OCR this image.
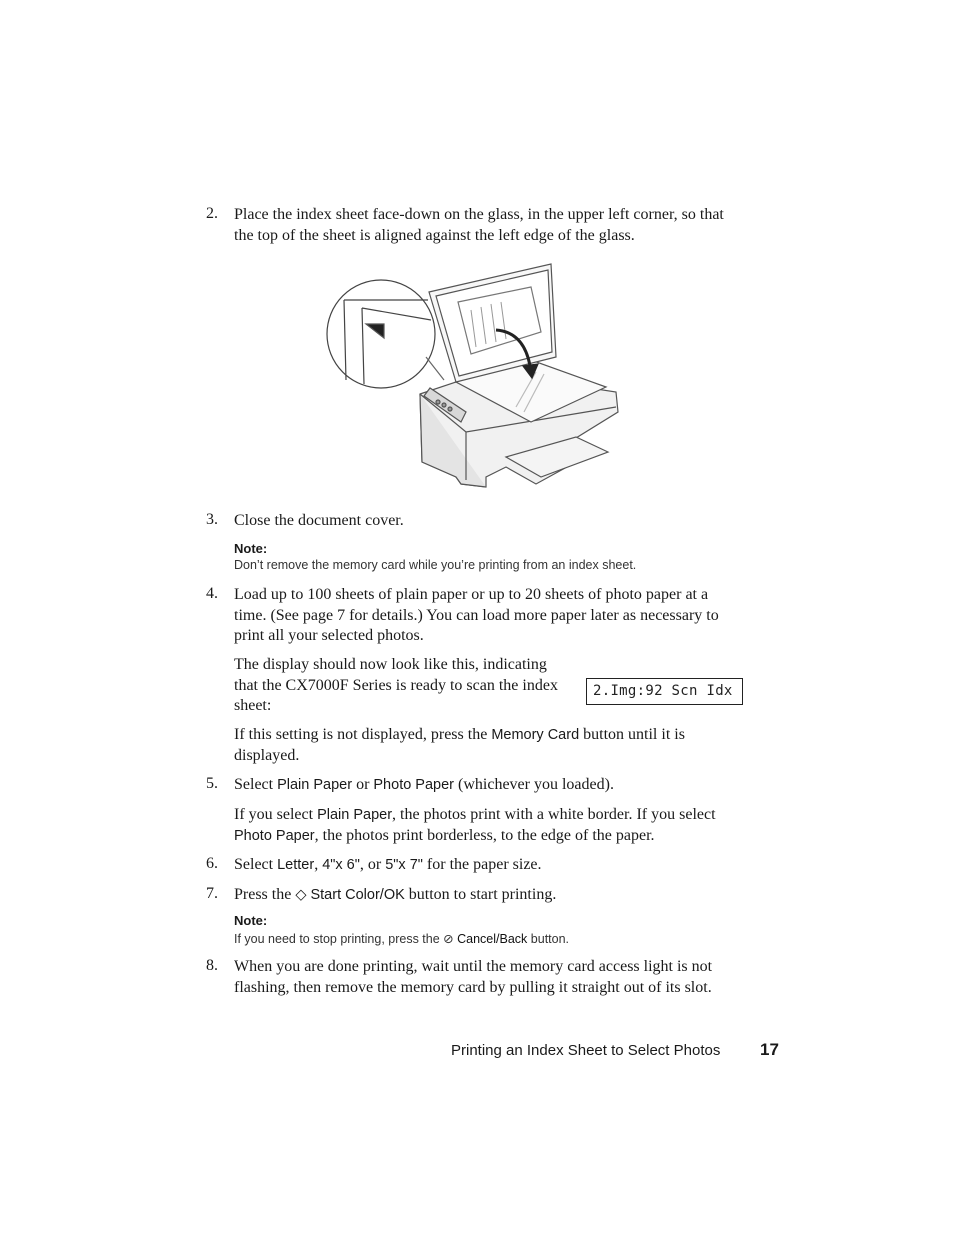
2. Place the index sheet face-down on the glass, in the upper left corner, so that the top of the sheet is aligned against the left edge of the glass.
3. Close the document cover.
Note:
Don’t remove the memory card while you’re printing from an index sheet.
4. Load up to 100 sheets of plain paper or up to 20 sheets of photo paper at a time. (See page 7 for details.) You can load more paper later as necessary to print all your selected photos.
The display should now look like this, indicating that the CX7000F Series is ready to scan the index sheet:
2.Img:92 Scn Idx
If this setting is not displayed, press the Memory Card button until it is displayed.
5. Select Plain Paper or Photo Paper (whichever you loaded).
If you select Plain Paper, the photos print with a white border. If you select Photo Paper, the photos print borderless, to the edge of the paper.
6. Select Letter, 4"x 6", or 5"x 7" for the paper size.
7. Press the ◇ Start Color/OK button to start printing.
Note:
If you need to stop printing, press the ⊘ Cancel/Back button.
8. When you are done printing, wait until the memory card access light is not flashing, then remove the memory card by pulling it straight out of its slot.
Printing an Index Sheet to Select Photos 17
